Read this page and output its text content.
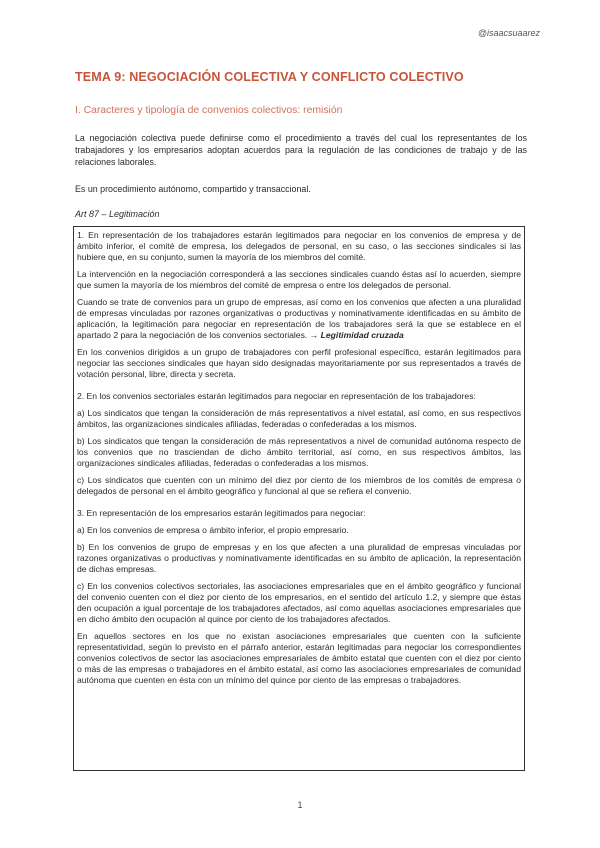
@isaacsuaarez
TEMA 9: NEGOCIACIÓN COLECTIVA Y CONFLICTO COLECTIVO
I. Caracteres y tipología de convenios colectivos: remisión
La negociación colectiva puede definirse como el procedimiento a través del cual los representantes de los trabajadores y los empresarios adoptan acuerdos para la regulación de las condiciones de trabajo y de las relaciones laborales.
Es un procedimiento autónomo, compartido y transaccional.
Art 87 – Legitimación

1. En representación de los trabajadores estarán legitimados para negociar en los convenios de empresa y de ámbito inferior, el comité de empresa, los delegados de personal, en su caso, o las secciones sindicales si las hubiere que, en su conjunto, sumen la mayoría de los miembros del comité.

La intervención en la negociación corresponderá a las secciones sindicales cuando éstas así lo acuerden, siempre que sumen la mayoría de los miembros del comité de empresa o entre los delegados de personal.

Cuando se trate de convenios para un grupo de empresas, así como en los convenios que afecten a una pluralidad de empresas vinculadas por razones organizativas o productivas y nominativamente identificadas en su ámbito de aplicación, la legitimación para negociar en representación de los trabajadores será la que se establece en el apartado 2 para la negociación de los convenios sectoriales. → Legitimidad cruzada

En los convenios dirigidos a un grupo de trabajadores con perfil profesional específico, estarán legitimados para negociar las secciones sindicales que hayan sido designadas mayoritariamente por sus representados a través de votación personal, libre, directa y secreta.

2. En los convenios sectoriales estarán legitimados para negociar en representación de los trabajadores:

a) Los sindicatos que tengan la consideración de más representativos a nivel estatal, así como, en sus respectivos ámbitos, las organizaciones sindicales afiliadas, federadas o confederadas a los mismos.

b) Los sindicatos que tengan la consideración de más representativos a nivel de comunidad autónoma respecto de los convenios que no trasciendan de dicho ámbito territorial, así como, en sus respectivos ámbitos, las organizaciones sindicales afiliadas, federadas o confederadas a los mismos.

c) Los sindicatos que cuenten con un mínimo del diez por ciento de los miembros de los comités de empresa o delegados de personal en el ámbito geográfico y funcional al que se refiera el convenio.

3. En representación de los empresarios estarán legitimados para negociar:

a) En los convenios de empresa o ámbito inferior, el propio empresario.

b) En los convenios de grupo de empresas y en los que afecten a una pluralidad de empresas vinculadas por razones organizativas o productivas y nominativamente identificadas en su ámbito de aplicación, la representación de dichas empresas.

c) En los convenios colectivos sectoriales, las asociaciones empresariales que en el ámbito geográfico y funcional del convenio cuenten con el diez por ciento de los empresarios, en el sentido del artículo 1.2, y siempre que éstas den ocupación a igual porcentaje de los trabajadores afectados, así como aquellas asociaciones empresariales que en dicho ámbito den ocupación al quince por ciento de los trabajadores afectados.

En aquellos sectores en los que no existan asociaciones empresariales que cuenten con la suficiente representatividad, según lo previsto en el párrafo anterior, estarán legitimadas para negociar los correspondientes convenios colectivos de sector las asociaciones empresariales de ámbito estatal que cuenten con el diez por ciento o más de las empresas o trabajadores en el ámbito estatal, así como las asociaciones empresariales de comunidad autónoma que cuenten en ésta con un mínimo del quince por ciento de las empresas o trabajadores.

1
